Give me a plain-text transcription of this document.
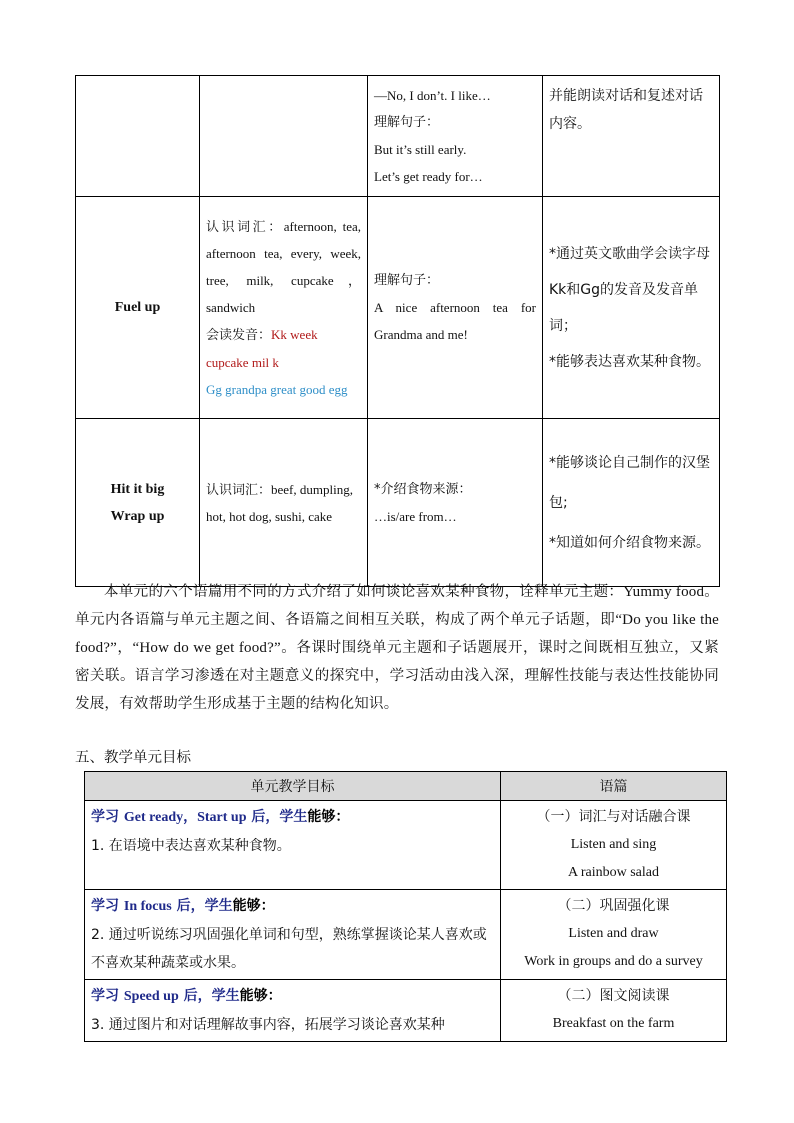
		—No, I don’t. I like…
理解句子：
But it’s still early.
Let’s get ready for…	并能朗读对话和复述对话内容。
Fuel up	认识词汇：afternoon, tea, afternoon tea, every, week, tree, milk, cupcake，sandwich
会读发音：Kk week cupcake mil k
Gg grandpa great good egg	理解句子：
A nice afternoon tea for Grandma and me!	*通过英文歌曲学会读字母Kk和Gg的发音及发音单词；
*能够表达喜欢某种食物。

Hit it big
Wrap up	认识词汇：beef, dumpling, hot, hot dog, sushi, cake	*介绍食物来源：
…is/are from…	*能够谈论自己制作的汉堡包;
*知道如何介绍食物来源。

本单元的六个语篇用不同的方式介绍了如何谈论喜欢某种食物，诠释单元主题：Yummy food。单元内各语篇与单元主题之间、各语篇之间相互关联，构成了两个单元子话题，即“Do you like the food?”，“How do we get food?”。各课时围绕单元主题和子话题展开，课时之间既相互独立，又紧密关联。语言学习渗透在对主题意义的探究中，学习活动由浅入深，理解性技能与表达性技能协同发展，有效帮助学生形成基于主题的结构化知识。

五、教学单元目标

单元教学目标	语篇

学习 Get ready，Start up 后，学生能够：
1. 在语境中表达喜欢某种食物。	（一）词汇与对话融合课
Listen and sing
A rainbow salad

学习 In focus 后，学生能够：
2. 通过听说练习巩固强化单词和句型，熟练掌握谈论某人喜欢或不喜欢某种蔬菜或水果。	（二）巩固强化课
Listen and draw
Work in groups and do a survey

学习 Speed up 后，学生能够：
3. 通过图片和对话理解故事内容，拓展学习谈论喜欢某种	（二）图文阅读课
Breakfast on the farm
